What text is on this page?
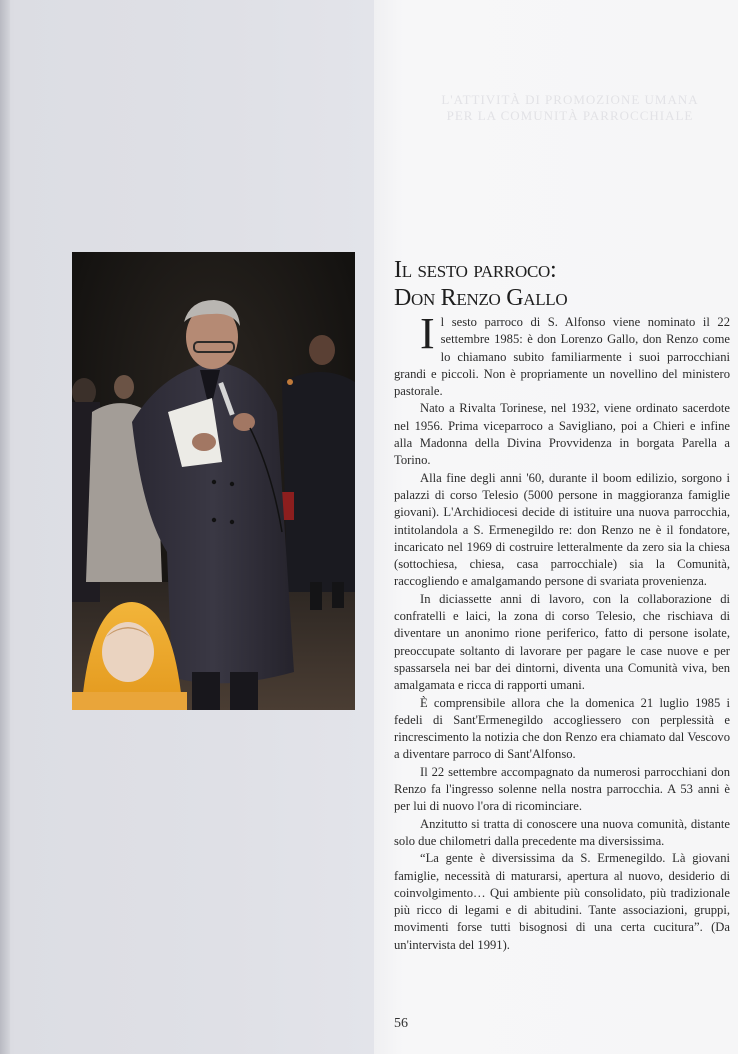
L'ATTIVITÀ DI PROMOZIONE UMANA
PER LA COMUNITÀ PARROCCHIALE
Il sesto parroco:
Don Renzo Gallo

Il sesto parroco di S. Alfonso viene nominato il 22 settembre 1985: è don Lorenzo Gallo, don Renzo come lo chiamano subito familiarmente i suoi parrocchiani grandi e piccoli. Non è propriamente un novellino del ministero pastorale.

Nato a Rivalta Torinese, nel 1932, viene ordinato sacerdote nel 1956. Prima viceparroco a Savigliano, poi a Chieri e infine alla Madonna della Divina Provvidenza in borgata Parella a Torino.

Alla fine degli anni '60, durante il boom edilizio, sorgono i palazzi di corso Telesio (5000 persone in maggioranza famiglie giovani). L'Archidiocesi decide di istituire una nuova parrocchia, intitolandola a S. Ermenegildo re: don Renzo ne è il fondatore, incaricato nel 1969 di costruire letteralmente da zero sia la chiesa (sottochiesa, chiesa, casa parrocchiale) sia la Comunità, raccogliendo e amalgamando persone di svariata provenienza.

In diciassette anni di lavoro, con la collaborazione di confratelli e laici, la zona di corso Telesio, che rischiava di diventare un anonimo rione periferico, fatto di persone isolate, preoccupate soltanto di lavorare per pagare le case nuove e per spassarsela nei bar dei dintorni, diventa una Comunità viva, ben amalgamata e ricca di rapporti umani.

È comprensibile allora che la domenica 21 luglio 1985 i fedeli di Sant'Ermenegildo accogliessero con perplessità e rincrescimento la notizia che don Renzo era chiamato dal Vescovo a diventare parroco di Sant'Alfonso.

Il 22 settembre accompagnato da numerosi parrocchiani don Renzo fa l'ingresso solenne nella nostra parrocchia. A 53 anni è per lui di nuovo l'ora di ricominciare.

Anzitutto si tratta di conoscere una nuova comunità, distante solo due chilometri dalla precedente ma diversissima.

“La gente è diversissima da S. Ermenegildo. Là giovani famiglie, necessità di maturarsi, apertura al nuovo, desiderio di coinvolgimento… Qui ambiente più consolidato, più tradizionale più ricco di legami e di abitudini. Tante associazioni, gruppi, movimenti forse tutti bisognosi di una certa cucitura”. (Da un'intervista del 1991).

56
